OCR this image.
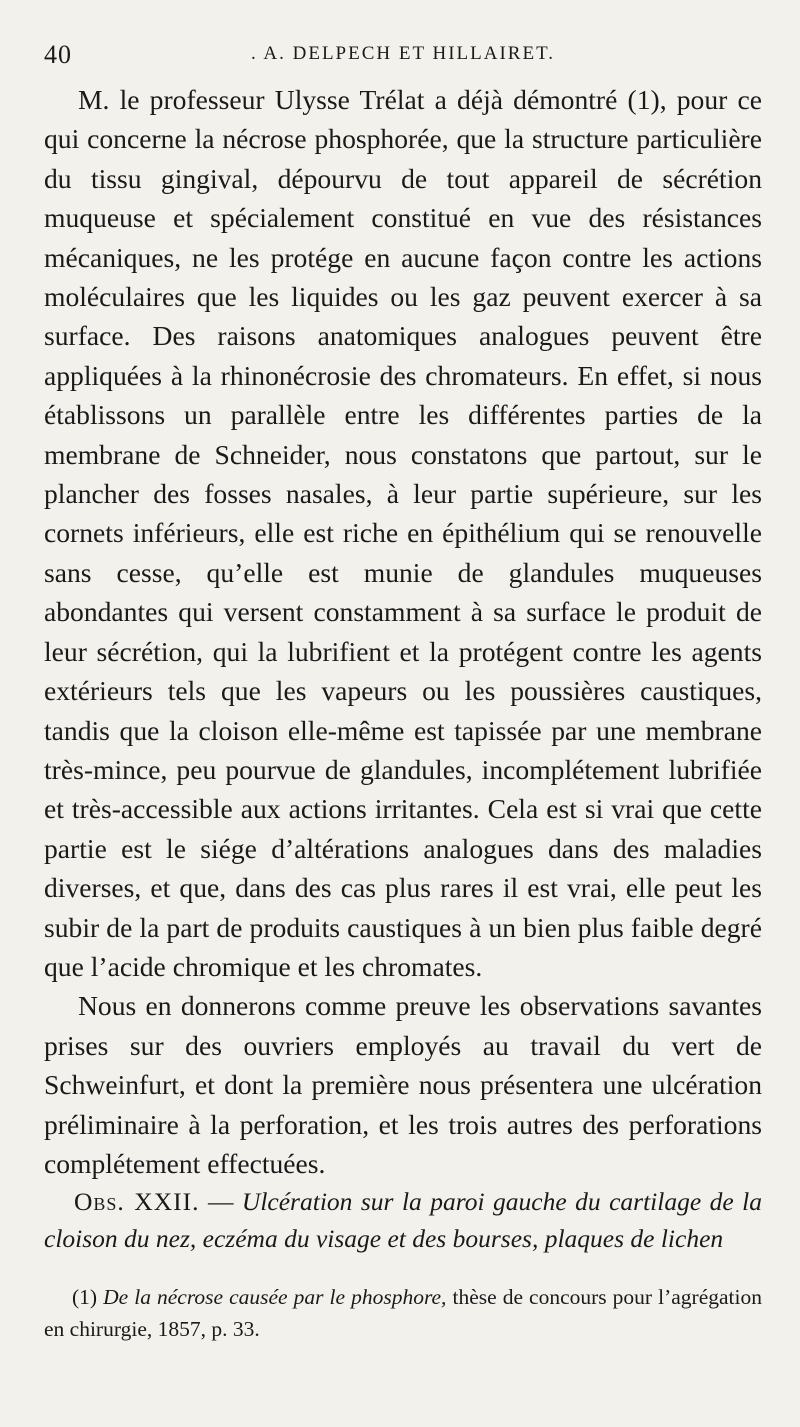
40	. A. DELPECH ET HILLAIRET.

M. le professeur Ulysse Trélat a déjà démontré (1), pour ce qui concerne la nécrose phosphorée, que la structure particulière du tissu gingival, dépourvu de tout appareil de sécrétion muqueuse et spécialement constitué en vue des résistances mécaniques, ne les protége en aucune façon contre les actions moléculaires que les liquides ou les gaz peuvent exercer à sa surface. Des raisons anatomiques analogues peuvent être appliquées à la rhinonécrosie des chromateurs. En effet, si nous établissons un parallèle entre les différentes parties de la membrane de Schneider, nous constatons que partout, sur le plancher des fosses nasales, à leur partie supérieure, sur les cornets inférieurs, elle est riche en épithélium qui se renouvelle sans cesse, qu’elle est munie de glandules muqueuses abondantes qui versent constamment à sa surface le produit de leur sécrétion, qui la lubrifient et la protégent contre les agents extérieurs tels que les vapeurs ou les poussières caustiques, tandis que la cloison elle-même est tapissée par une membrane très-mince, peu pourvue de glandules, incomplétement lubrifiée et très-accessible aux actions irritantes. Cela est si vrai que cette partie est le siége d’altérations analogues dans des maladies diverses, et que, dans des cas plus rares il est vrai, elle peut les subir de la part de produits caustiques à un bien plus faible degré que l’acide chromique et les chromates.

Nous en donnerons comme preuve les observations savantes prises sur des ouvriers employés au travail du vert de Schweinfurt, et dont la première nous présentera une ulcération préliminaire à la perforation, et les trois autres des perforations complétement effectuées.

Obs. XXII. — Ulcération sur la paroi gauche du cartilage de la cloison du nez, eczéma du visage et des bourses, plaques de lichen
(1) De la nécrose causée par le phosphore, thèse de concours pour l’agrégation en chirurgie, 1857, p. 33.
